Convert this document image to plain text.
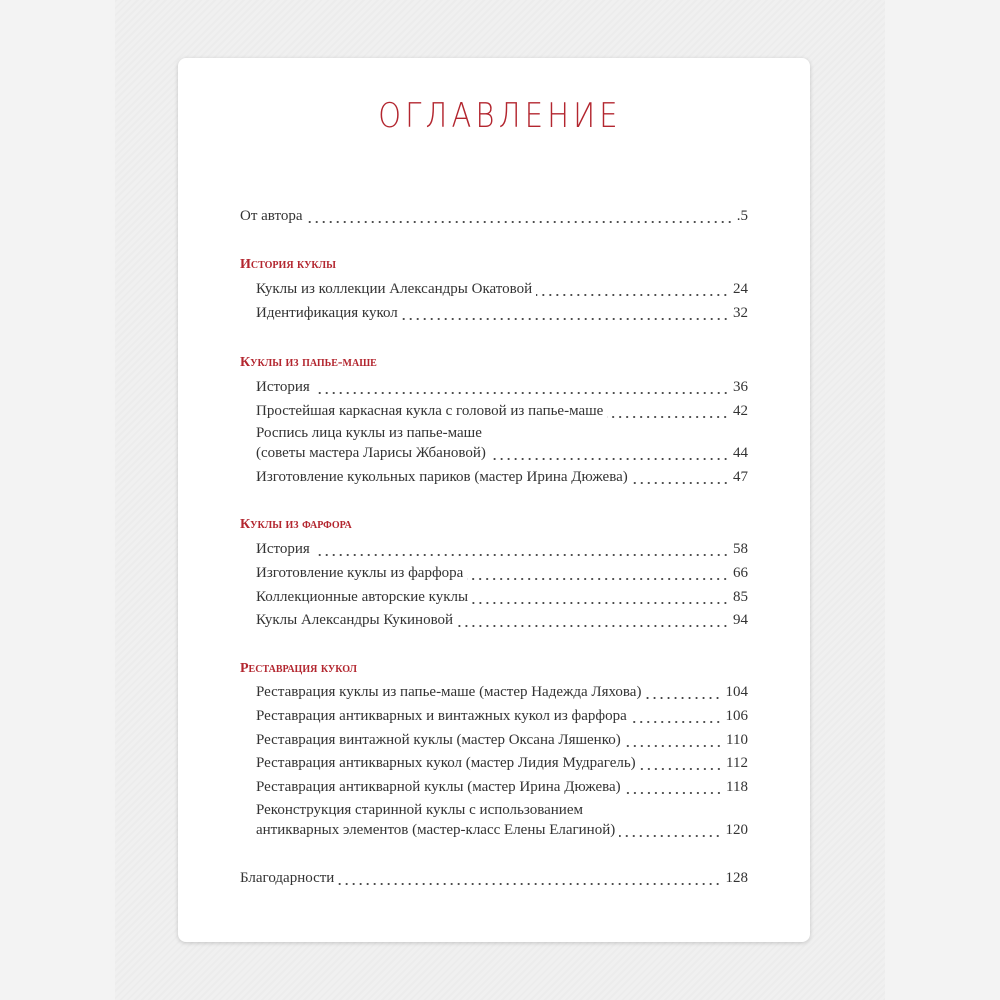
ОГЛАВЛЕНИЕ
От автора	.5
История куклы
Куклы из коллекции Александры Окатовой	24
Идентификация кукол	32
Куклы из папье-маше
История	36
Простейшая каркасная кукла с головой из папье-маше	42
Роспись лица куклы из папье-маше
(советы мастера Ларисы Жбановой)	44
Изготовление кукольных париков (мастер Ирина Дюжева)	47
Куклы из фарфора
История	58
Изготовление куклы из фарфора	66
Коллекционные авторские куклы	85
Куклы Александры Кукиновой	94
Реставрация кукол
Реставрация куклы из папье-маше (мастер Надежда Ляхова)	104
Реставрация антикварных и винтажных кукол из фарфора	106
Реставрация винтажной куклы (мастер Оксана Ляшенко)	110
Реставрация антикварных кукол (мастер Лидия Мудрагель)	112
Реставрация антикварной куклы (мастер Ирина Дюжева)	118
Реконструкция старинной куклы с использованием
антикварных элементов (мастер-класс Елены Елагиной)	120
Благодарности	128
